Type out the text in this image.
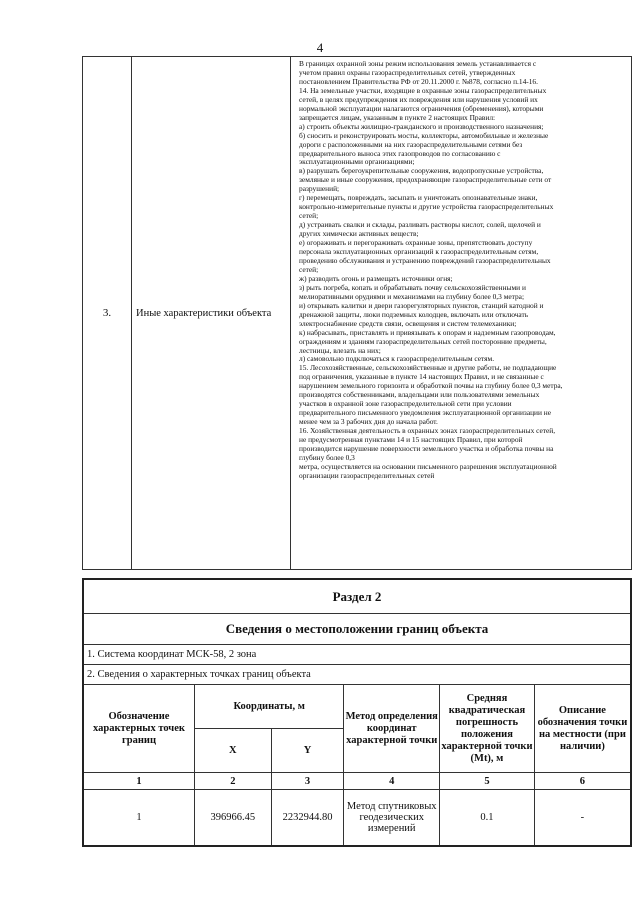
4
3.	Иные характеристики объекта	
В границах охранной зоны режим использования земель устанавливается с
учетом правил охраны газораспределительных сетей, утвержденных
постановлением Правительства РФ от 20.11.2000 г. №878, согласно п.14-16.
14. На земельные участки, входящие в охранные зоны газораспределительных
сетей, в целях предупреждения их повреждения или нарушения условий их
нормальной эксплуатации налагаются ограничения (обременения), которыми
запрещается лицам, указанным в пункте 2 настоящих Правил:
а) строить объекты жилищно-гражданского и производственного назначения;
б) сносить и реконструировать мосты, коллекторы, автомобильные и железные
дороги с расположенными на них газораспределительными сетями без
предварительного выноса этих газопроводов по согласованию с
эксплуатационными организациями;
в) разрушать берегоукрепительные сооружения, водопропускные устройства,
земляные и иные сооружения, предохраняющие газораспределительные сети от
разрушений;
г) перемещать, повреждать, засыпать и уничтожать опознавательные знаки,
контрольно-измерительные пункты и другие устройства газораспределительных
сетей;
д) устраивать свалки и склады, разливать растворы кислот, солей, щелочей и
других химически активных веществ;
е) огораживать и перегораживать охранные зоны, препятствовать доступу
персонала эксплуатационных организаций к газораспределительным сетям,
проведению обслуживания и устранению повреждений газораспределительных
сетей;
ж) разводить огонь и размещать источники огня;
з) рыть погреба, копать и обрабатывать почву сельскохозяйственными и
мелиоративными орудиями и механизмами на глубину более 0,3 метра;
и) открывать калитки и двери газорегуляторных пунктов, станций катодной и
дренажной защиты, люки подземных колодцев, включать или отключать
электроснабжение средств связи, освещения и систем телемеханики;
к) набрасывать, приставлять и привязывать к опорам и надземным газопроводам,
ограждениям и зданиям газораспределительных сетей посторонние предметы,
лестницы, влезать на них;
л) самовольно подключаться к газораспределительным сетям.
15. Лесохозяйственные, сельскохозяйственные и другие работы, не подпадающие
под ограничения, указанные в пункте 14 настоящих Правил, и не связанные с
нарушением земельного горизонта и обработкой почвы на глубину более 0,3 метра,
производятся собственниками, владельцами или пользователями земельных
участков в охранной зоне газораспределительной сети при условии
предварительного письменного уведомления эксплуатационной организации не
менее чем за 3 рабочих дня до начала работ.
16. Хозяйственная деятельность в охранных зонах газораспределительных сетей,
не предусмотренная пунктами 14 и 15 настоящих Правил, при которой
производится нарушение поверхности земельного участка и обработка почвы на
глубину более 0,3
метра, осуществляется на основании письменного разрешения эксплуатационной
организации газораспределительных сетей
Раздел 2					
Сведения о местоположении границ объекта					
1. Система координат МСК-58, 2 зона					
2. Сведения о характерных точках границ объекта					
Обозначение характерных точек границ	Координаты, м		Метод определения координат характерной точки	Средняя квадратическая погрешность положения характерной точки (Mt), м	Описание обозначения точки на местности (при наличии)
	X	Y			
1	2	3	4	5	6
1	396966.45	2232944.80	Метод спутниковых геодезических измерений	0.1	-
